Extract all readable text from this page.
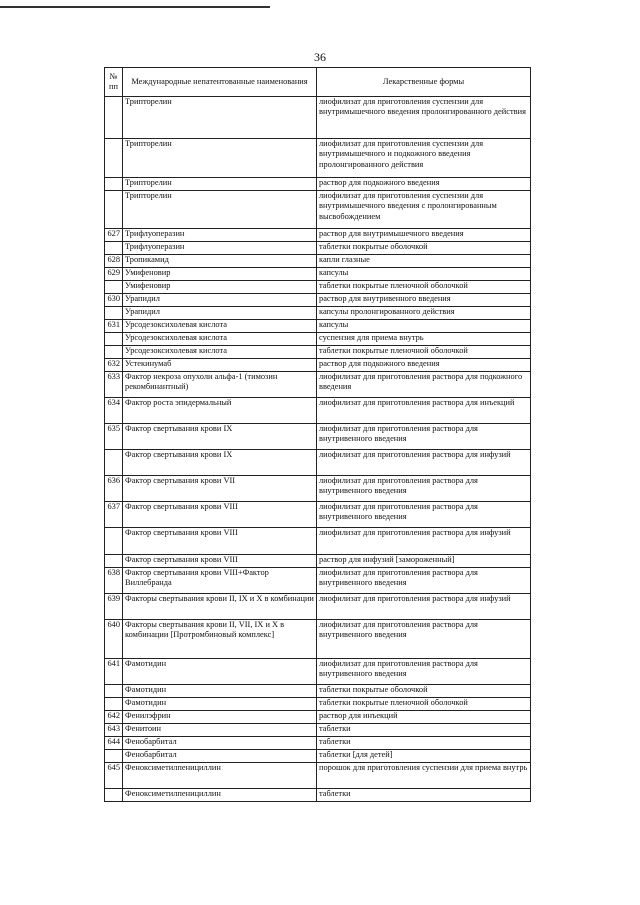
36
№ пп	Международные непатентованные наименования	Лекарственные формы
	Трипторелин	лиофилизат для приготовления суспензии для внутримышечного введения пролонгированного действия
	Трипторелин	лиофилизат для приготовления суспензии для внутримышечного и подкожного введения пролонгированного действия
	Трипторелин	раствор для подкожного введения
	Трипторелин	лиофилизат для приготовления суспензии для внутримышечного введения с пролонгированным высвобождением
627	Трифлуоперазин	раствор для внутримышечного введения
	Трифлуоперазин	таблетки покрытые оболочкой
628	Тропикамид	капли глазные
629	Умифеновир	капсулы
	Умифеновир	таблетки покрытые пленочной оболочкой
630	Урапидил	раствор для внутривенного введения
	Урапидил	капсулы пролонгированного действия
631	Урсодезоксихолевая кислота	капсулы
	Урсодезоксихолевая кислота	суспензия для приема внутрь
	Урсодезоксихолевая кислота	таблетки покрытые пленочной оболочкой
632	Устекинумаб	раствор для подкожного введения
633	Фактор некроза опухоли альфа-1 (тимозин рекомбинантный)	лиофилизат для приготовления раствора для подкожного введения
634	Фактор роста эпидермальный	лиофилизат для приготовления раствора для инъекций
635	Фактор свертывания крови IX	лиофилизат для приготовления раствора для внутривенного введения
	Фактор свертывания крови IX	лиофилизат для приготовления раствора для инфузий
636	Фактор свертывания крови VII	лиофилизат для приготовления раствора для внутривенного введения
637	Фактор свертывания крови VIII	лиофилизат для приготовления раствора для внутривенного введения
	Фактор свертывания крови VIII	лиофилизат для приготовления раствора для инфузий
	Фактор свертывания крови VIII	раствор для инфузий [замороженный]
638	Фактор свертывания крови VIII+Фактор Виллебранда	лиофилизат для приготовления раствора для внутривенного введения
639	Факторы свертывания крови II, IX и X в комбинации	лиофилизат для приготовления раствора для инфузий
640	Факторы свертывания крови II, VII, IX и X в комбинации [Протромбиновый комплекс]	лиофилизат для приготовления раствора для внутривенного введения
641	Фамотидин	лиофилизат для приготовления раствора для внутривенного введения
	Фамотидин	таблетки покрытые оболочкой
	Фамотидин	таблетки покрытые пленочной оболочкой
642	Фенилэфрин	раствор для инъекций
643	Фенитоин	таблетки
644	Фенобарбитал	таблетки
	Фенобарбитал	таблетки [для детей]
645	Феноксиметилпенициллин	порошок для приготовления суспензии для приема внутрь
	Феноксиметилпенициллин	таблетки
